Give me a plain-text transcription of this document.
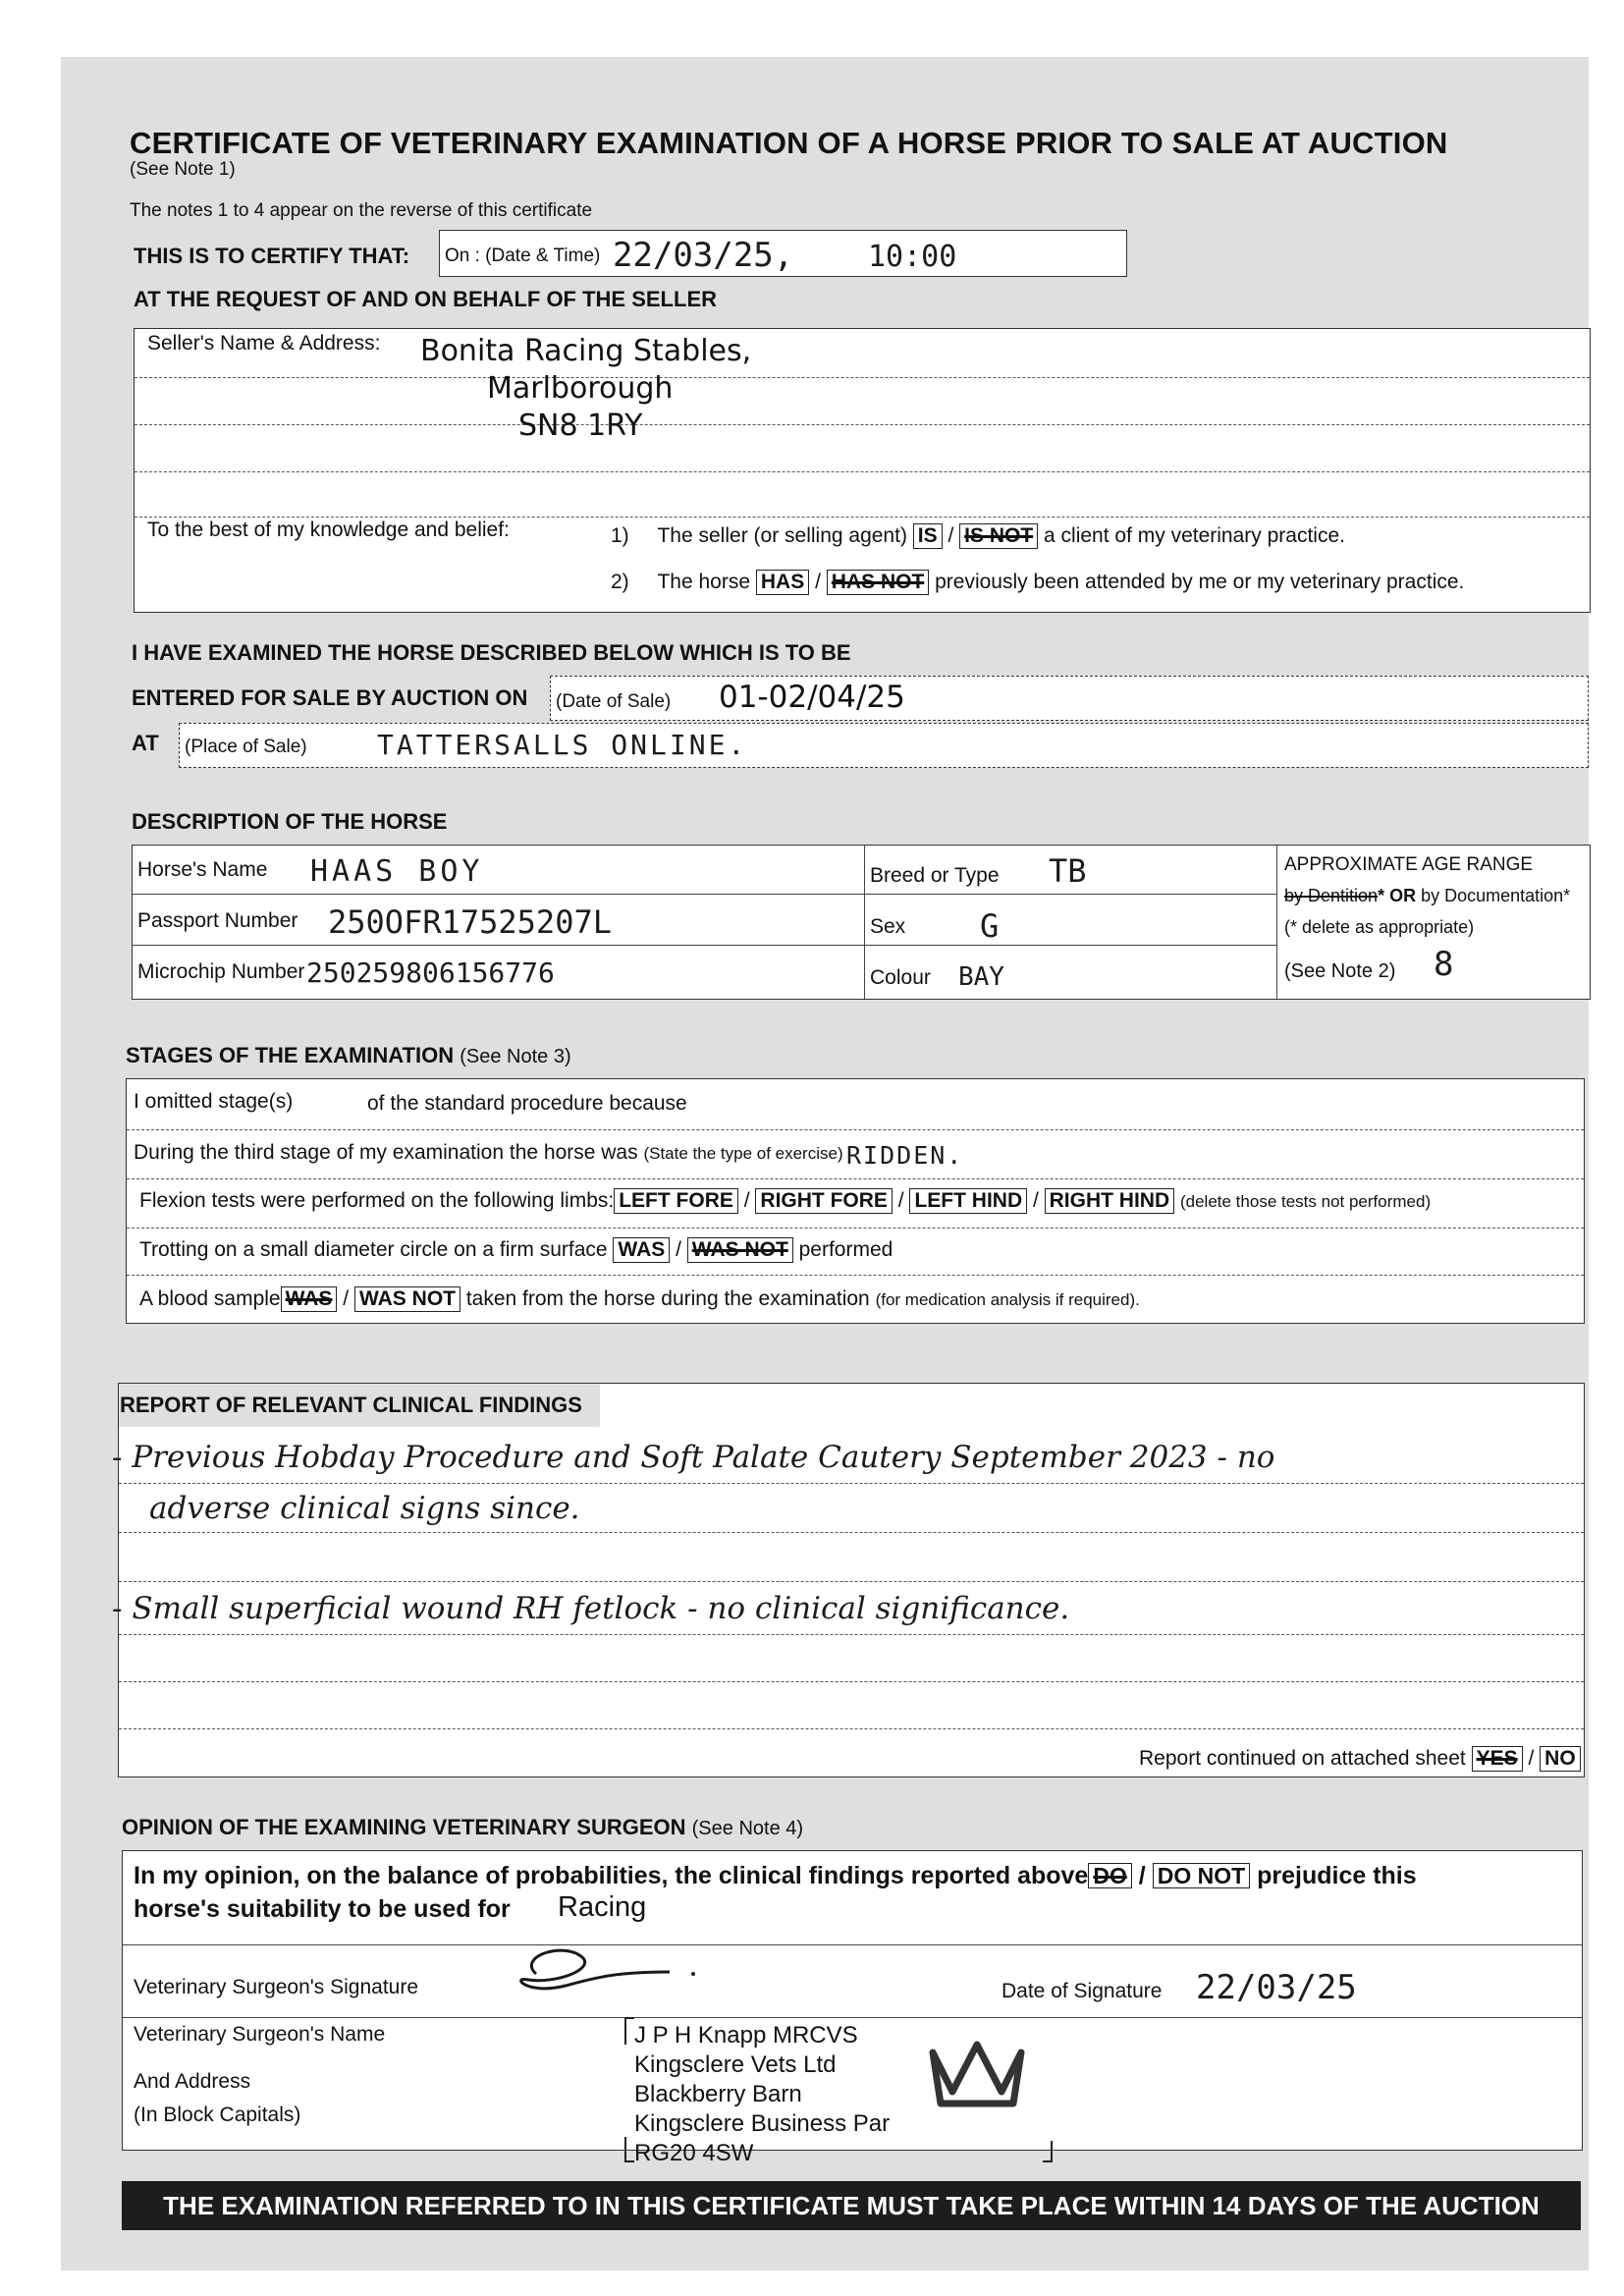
CERTIFICATE OF VETERINARY EXAMINATION OF A HORSE PRIOR TO SALE AT AUCTION
(See Note 1)
The notes 1 to 4 appear on the reverse of this certificate
THIS IS TO CERTIFY THAT: On : (Date & Time) 22/03/25,	10:00
AT THE REQUEST OF AND ON BEHALF OF THE SELLER
Seller's Name & Address: Bonita Racing Stables,
Marlborough
SN8 1RY
To the best of my knowledge and belief:	1) The seller (or selling agent) IS / IS NOT a client of my veterinary practice.
2) The horse HAS / HAS NOT previously been attended by me or my veterinary practice.
I HAVE EXAMINED THE HORSE DESCRIBED BELOW WHICH IS TO BE
ENTERED FOR SALE BY AUCTION ON (Date of Sale) 01-02/04/25
AT (Place of Sale)	TATTERSALLS ONLINE.
DESCRIPTION OF THE HORSE
Horse's Name HAAS BOY
Passport Number 250OFR17525207L
Microchip Number 250259806156776
Breed or Type TB
Sex G
Colour BAY
APPROXIMATE AGE RANGE
by Dentition* OR by Documentation*
(* delete as appropriate)
(See Note 2) 8
STAGES OF THE EXAMINATION (See Note 3)
I omitted stage(s)	of the standard procedure because
During the third stage of my examination the horse was (State the type of exercise) RIDDEN.
Flexion tests were performed on the following limbs: LEFT FORE / RIGHT FORE / LEFT HIND / RIGHT HIND (delete those tests not performed)
Trotting on a small diameter circle on a firm surface WAS / WAS NOT performed
A blood sample WAS / WAS NOT taken from the horse during the examination (for medication analysis if required).
REPORT OF RELEVANT CLINICAL FINDINGS
- Previous Hobday Procedure and Soft Palate Cautery September 2023 - no
adverse clinical signs since.
- Small superficial wound RH fetlock - no clinical significance.
Report continued on attached sheet YES / NO
OPINION OF THE EXAMINING VETERINARY SURGEON (See Note 4)
In my opinion, on the balance of probabilities, the clinical findings reported above DO / DO NOT prejudice this
horse's suitability to be used for Racing
Veterinary Surgeon's Signature	Date of Signature 22/03/25
Veterinary Surgeon's Name
And Address
(In Block Capitals)
J P H Knapp MRCVS
Kingsclere Vets Ltd
Blackberry Barn
Kingsclere Business Par
RG20 4SW
THE EXAMINATION REFERRED TO IN THIS CERTIFICATE MUST TAKE PLACE WITHIN 14 DAYS OF THE AUCTION
